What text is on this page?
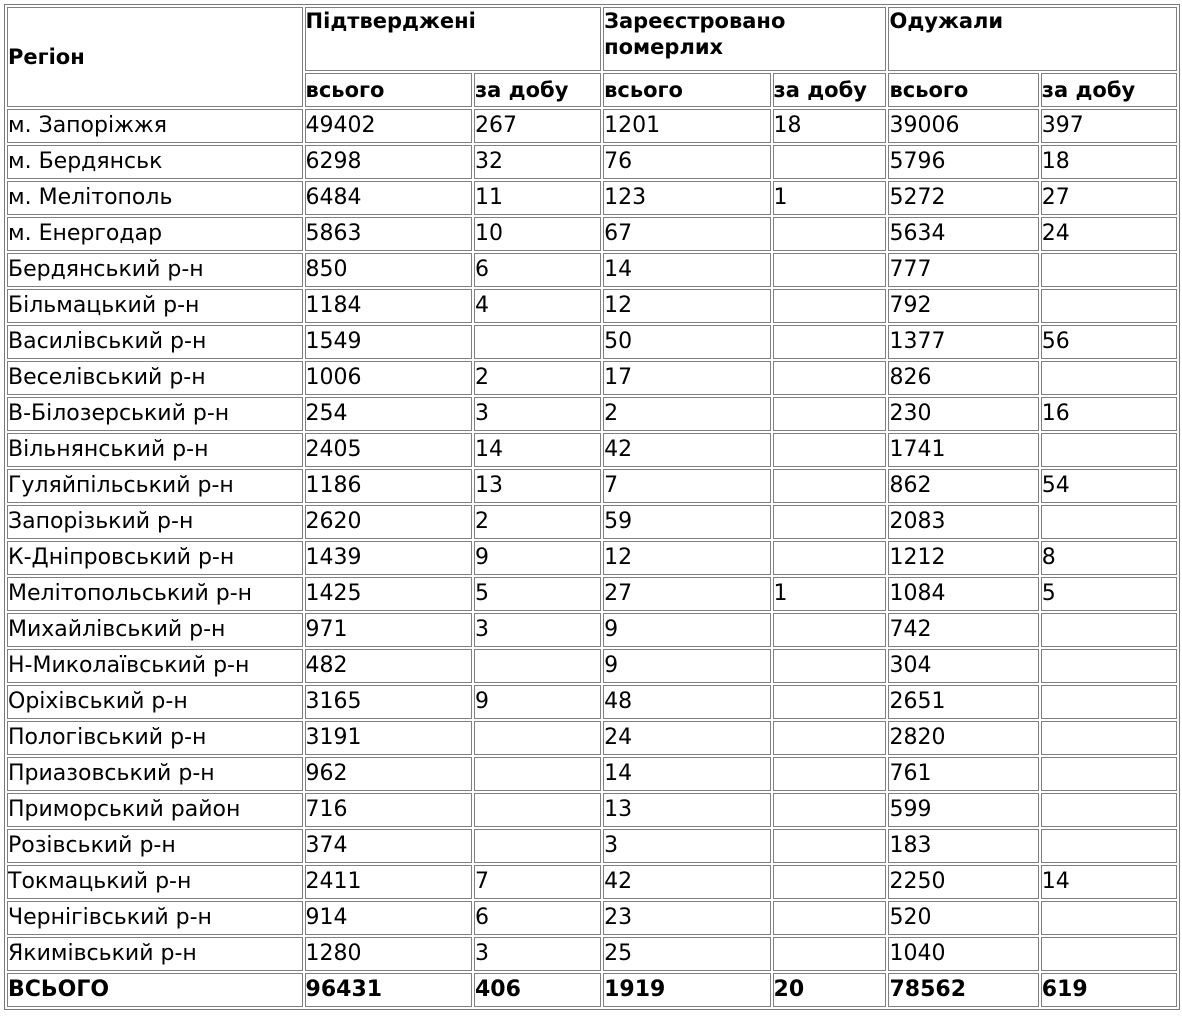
Регіон	Підтверджені		Зареєстровано померлих		Одужали	
	всього	за добу	всього	за добу	всього	за добу
м. Запоріжжя	49402	267	1201	18	39006	397
м. Бердянськ	6298	32	76		5796	18
м. Мелітополь	6484	11	123	1	5272	27
м. Енергодар	5863	10	67		5634	24
Бердянський р-н	850	6	14		777	
Більмацький р-н	1184	4	12		792	
Василівський р-н	1549		50		1377	56
Веселівський р-н	1006	2	17		826	
В-Білозерський р-н	254	3	2		230	16
Вільнянський р-н	2405	14	42		1741	
Гуляйпільський р-н	1186	13	7		862	54
Запорізький р-н	2620	2	59		2083	
К-Дніпровський р-н	1439	9	12		1212	8
Мелітопольський р-н	1425	5	27	1	1084	5
Михайлівський р-н	971	3	9		742	
Н-Миколаївський р-н	482		9		304	
Оріхівський р-н	3165	9	48		2651	
Пологівський р-н	3191		24		2820	
Приазовський р-н	962		14		761	
Приморський район	716		13		599	
Розівський р-н	374		3		183	
Токмацький р-н	2411	7	42		2250	14
Чернігівський р-н	914	6	23		520	
Якимівський р-н	1280	3	25		1040	
ВСЬОГО	96431	406	1919	20	78562	619
